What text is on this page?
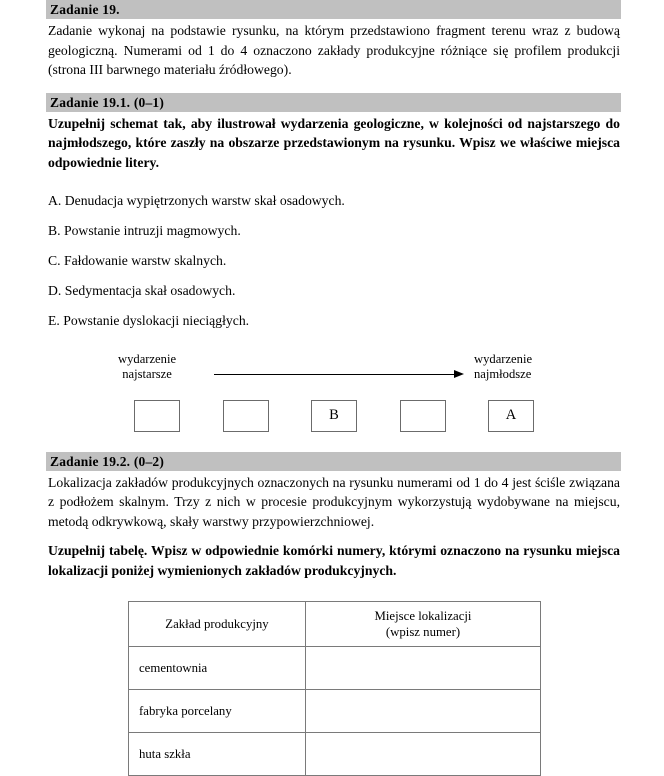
Zadanie 19.

Zadanie wykonaj na podstawie rysunku, na którym przedstawiono fragment terenu wraz z budową geologiczną. Numerami od 1 do 4 oznaczono zakłady produkcyjne różniące się profilem produkcji (strona III barwnego materiału źródłowego).

Zadanie 19.1. (0–1)

Uzupełnij schemat tak, aby ilustrował wydarzenia geologiczne, w kolejności od najstarszego do najmłodszego, które zaszły na obszarze przedstawionym na rysunku. Wpisz we właściwe miejsca odpowiednie litery.

A. Denudacja wypiętrzonych warstw skał osadowych.
B. Powstanie intruzji magmowych.
C. Fałdowanie warstw skalnych.
D. Sedymentacja skał osadowych.
E. Powstanie dyslokacji nieciągłych.
wydarzenie
najstarsze
wydarzenie
najmłodsze
B	A
Zadanie 19.2. (0–2)

Lokalizacja zakładów produkcyjnych oznaczonych na rysunku numerami od 1 do 4 jest ściśle związana z podłożem skalnym. Trzy z nich w procesie produkcyjnym wykorzystują wydobywane na miejscu, metodą odkrywkową, skały warstwy przypowierzchniowej.

Uzupełnij tabelę. Wpisz w odpowiednie komórki numery, którymi oznaczono na rysunku miejsca lokalizacji poniżej wymienionych zakładów produkcyjnych.

Zakład produkcyjny	Miejsce lokalizacji
(wpisz numer)

cementownia	
fabryka porcelany	
huta szkła	
